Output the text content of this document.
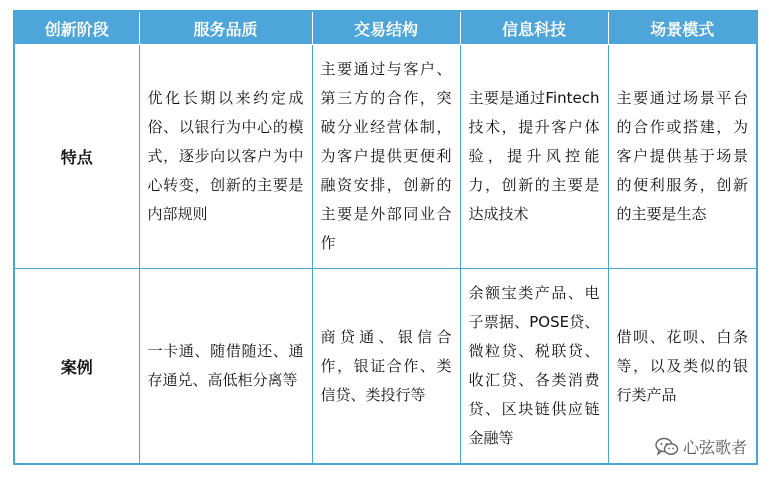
创新阶段	服务品质	交易结构	信息科技	场景模式
特点	优化长期以来约定成俗、以银行为中心的模式，逐步向以客户为中心转变，创新的主要是内部规则	主要通过与客户、第三方的合作，突破分业经营体制，为客户提供更便利融资安排，创新的主要是外部同业合作	主要是通过Fintech技术，提升客户体验，提升风控能力，创新的主要是达成技术	主要通过场景平台的合作或搭建，为客户提供基于场景的便利服务，创新的主要是生态
案例	一卡通、随借随还、通存通兑、高低柜分离等	商贷通、银信合作，银证合作、类信贷、类投行等	余额宝类产品、电子票据、POSE贷、微粒贷、税联贷、收汇贷、各类消费贷、区块链供应链金融等	借呗、花呗、白条等，以及类似的银行类产品
心弦歌者
